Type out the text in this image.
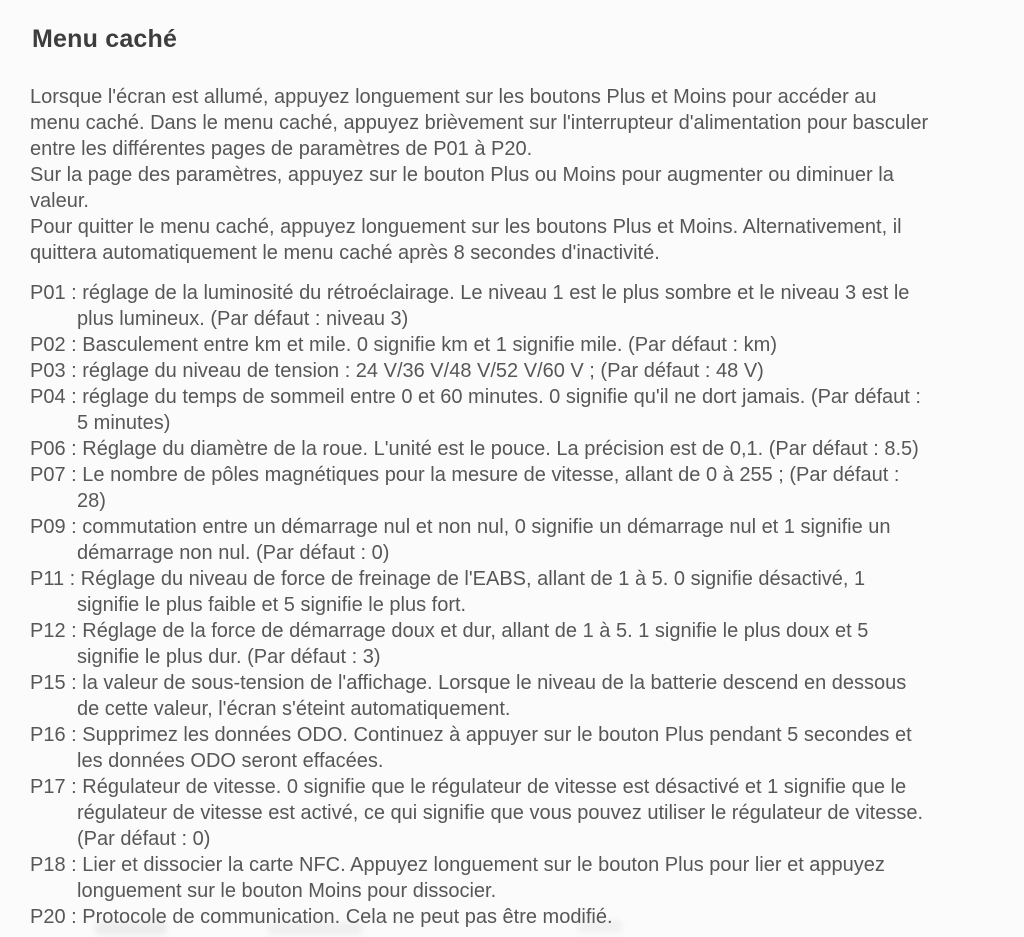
Menu caché

Lorsque l'écran est allumé, appuyez longuement sur les boutons Plus et Moins pour accéder au menu caché. Dans le menu caché, appuyez brièvement sur l'interrupteur d'alimentation pour basculer entre les différentes pages de paramètres de P01 à P20.

Sur la page des paramètres, appuyez sur le bouton Plus ou Moins pour augmenter ou diminuer la valeur.

Pour quitter le menu caché, appuyez longuement sur les boutons Plus et Moins. Alternativement, il quittera automatiquement le menu caché après 8 secondes d'inactivité.

P01 : réglage de la luminosité du rétroéclairage. Le niveau 1 est le plus sombre et le niveau 3 est le plus lumineux. (Par défaut : niveau 3)

P02 : Basculement entre km et mile. 0 signifie km et 1 signifie mile. (Par défaut : km)

P03 : réglage du niveau de tension : 24 V/36 V/48 V/52 V/60 V ; (Par défaut : 48 V)

P04 : réglage du temps de sommeil entre 0 et 60 minutes. 0 signifie qu'il ne dort jamais. (Par défaut : 5 minutes)

P06 : Réglage du diamètre de la roue. L'unité est le pouce. La précision est de 0,1. (Par défaut : 8.5)

P07 : Le nombre de pôles magnétiques pour la mesure de vitesse, allant de 0 à 255 ; (Par défaut : 28)

P09 : commutation entre un démarrage nul et non nul, 0 signifie un démarrage nul et 1 signifie un démarrage non nul. (Par défaut : 0)

P11 : Réglage du niveau de force de freinage de l'EABS, allant de 1 à 5. 0 signifie désactivé, 1 signifie le plus faible et 5 signifie le plus fort.

P12 : Réglage de la force de démarrage doux et dur, allant de 1 à 5. 1 signifie le plus doux et 5 signifie le plus dur. (Par défaut : 3)

P15 : la valeur de sous-tension de l'affichage. Lorsque le niveau de la batterie descend en dessous de cette valeur, l'écran s'éteint automatiquement.

P16 : Supprimez les données ODO. Continuez à appuyer sur le bouton Plus pendant 5 secondes et les données ODO seront effacées.

P17 : Régulateur de vitesse. 0 signifie que le régulateur de vitesse est désactivé et 1 signifie que le régulateur de vitesse est activé, ce qui signifie que vous pouvez utiliser le régulateur de vitesse. (Par défaut : 0)

P18 : Lier et dissocier la carte NFC. Appuyez longuement sur le bouton Plus pour lier et appuyez longuement sur le bouton Moins pour dissocier.

P20 : Protocole de communication. Cela ne peut pas être modifié.
